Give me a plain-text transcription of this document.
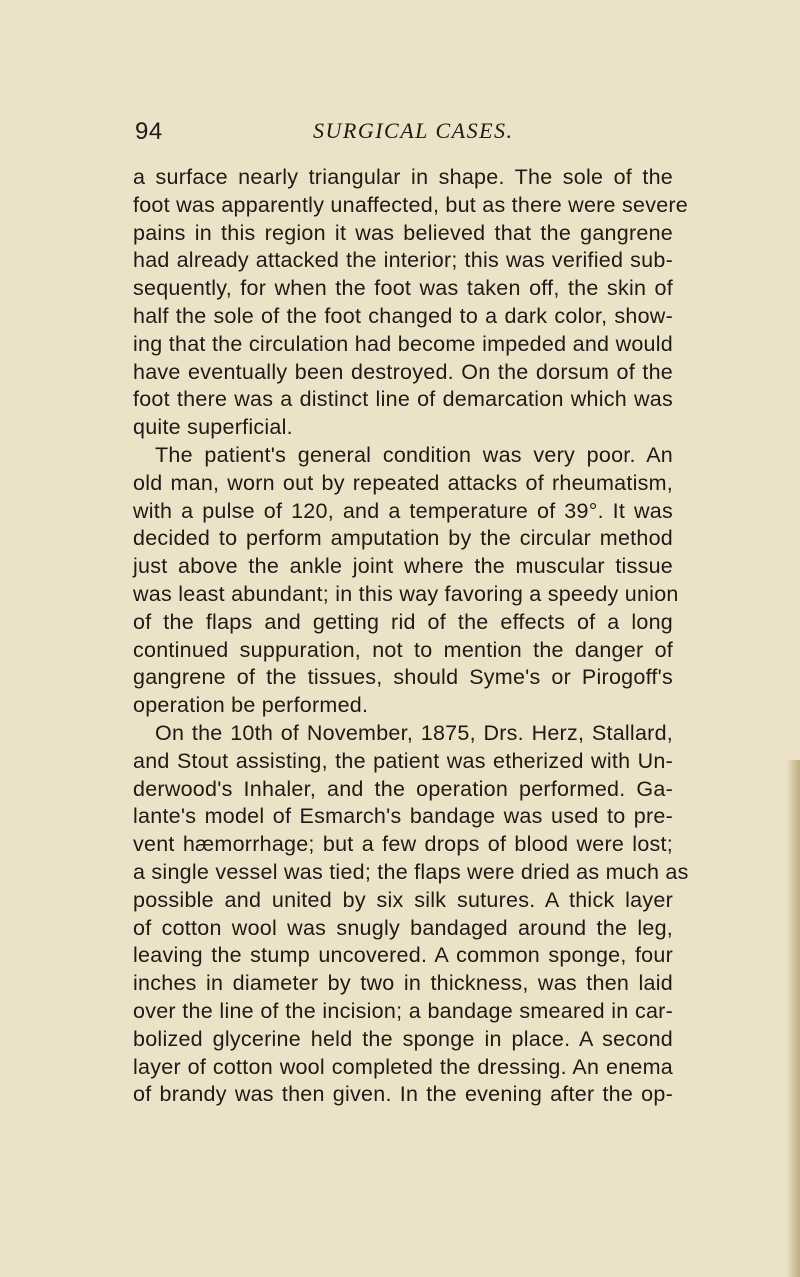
94	SURGICAL CASES.
a surface nearly triangular in shape. The sole of the
foot was apparently unaffected, but as there were severe
pains in this region it was believed that the gangrene
had already attacked the interior; this was verified sub-
sequently, for when the foot was taken off, the skin of
half the sole of the foot changed to a dark color, show-
ing that the circulation had become impeded and would
have eventually been destroyed. On the dorsum of the
foot there was a distinct line of demarcation which was
quite superficial.
The patient's general condition was very poor. An
old man, worn out by repeated attacks of rheumatism,
with a pulse of 120, and a temperature of 39°. It was
decided to perform amputation by the circular method
just above the ankle joint where the muscular tissue
was least abundant; in this way favoring a speedy union
of the flaps and getting rid of the effects of a long
continued suppuration, not to mention the danger of
gangrene of the tissues, should Syme's or Pirogoff's
operation be performed.
On the 10th of November, 1875, Drs. Herz, Stallard,
and Stout assisting, the patient was etherized with Un-
derwood's Inhaler, and the operation performed. Ga-
lante's model of Esmarch's bandage was used to pre-
vent hæmorrhage; but a few drops of blood were lost;
a single vessel was tied; the flaps were dried as much as
possible and united by six silk sutures. A thick layer
of cotton wool was snugly bandaged around the leg,
leaving the stump uncovered. A common sponge, four
inches in diameter by two in thickness, was then laid
over the line of the incision; a bandage smeared in car-
bolized glycerine held the sponge in place. A second
layer of cotton wool completed the dressing. An enema
of brandy was then given. In the evening after the op-
